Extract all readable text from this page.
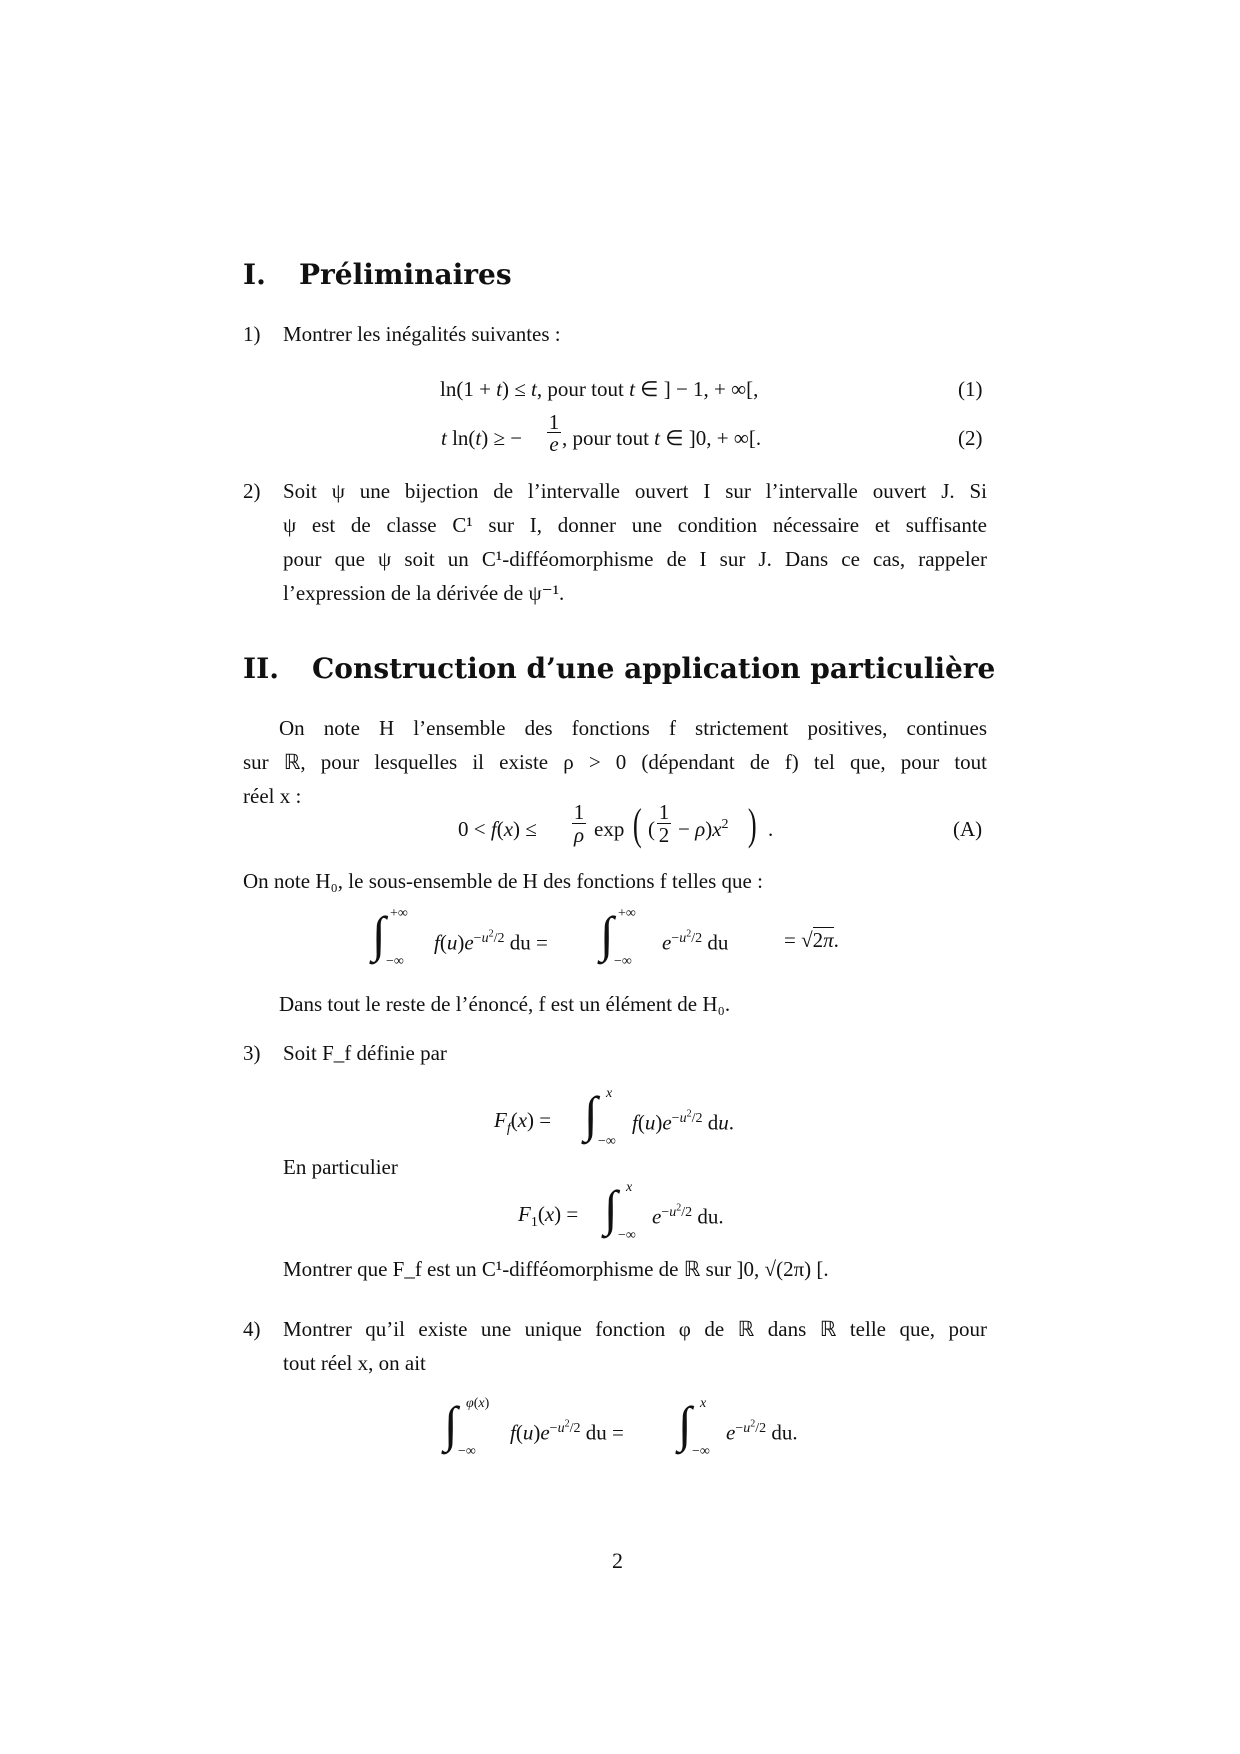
I. Préliminaires
1) Montrer les inégalités suivantes :
ln(1 + t) ≤ t, pour tout t ∈ ] − 1, + ∞[,	(1)
t ln(t) ≥ −
1
e , pour tout t ∈ ]0, + ∞[.	(2)
2) Soit ψ une bijection de l’intervalle ouvert I sur l’intervalle ouvert J. Si
ψ est de classe C¹ sur I, donner une condition nécessaire et suffisante
pour que ψ soit un C¹-difféomorphisme de I sur J. Dans ce cas, rappeler
l’expression de la dérivée de ψ⁻¹.
II. Construction d’une application particulière
On note H l’ensemble des fonctions f strictement positives, continues
sur ℝ, pour lesquelles il existe ρ > 0 (dépendant de f) tel que, pour tout
réel x :
0 < f(x) ≤
1
ρ exp ( (
1
$2 - \rho)x^2$ ) .	(A)
On note H₀, le sous-ensemble de H des fonctions f telles que :
∫ +∞
−∞
$f(u)e^{-u^2/2}$ du = ∫ +∞
−∞
$e^{-u^2/2}$ du	= √2π.
Dans tout le reste de l’énoncé, f est un élément de H₀.
3) Soit F_f définie par
$F_f(x)$ = ∫ x
−∞
$f(u)e^{-u^2/2}$ du.
En particulier
$F_1(x)$ = ∫ x
−∞
$e^{-u^2/2}$ du.
Montrer que F_f est un C¹-difféomorphisme de ℝ sur ]0, √(2π) [.
4) Montrer qu’il existe une unique fonction φ de ℝ dans ℝ telle que, pour
tout réel x, on ait
∫ φ(x)
−∞
$f(u)e^{-u^2/2}$ du = ∫ x
−∞
$e^{-u^2/2}$ du.
2
